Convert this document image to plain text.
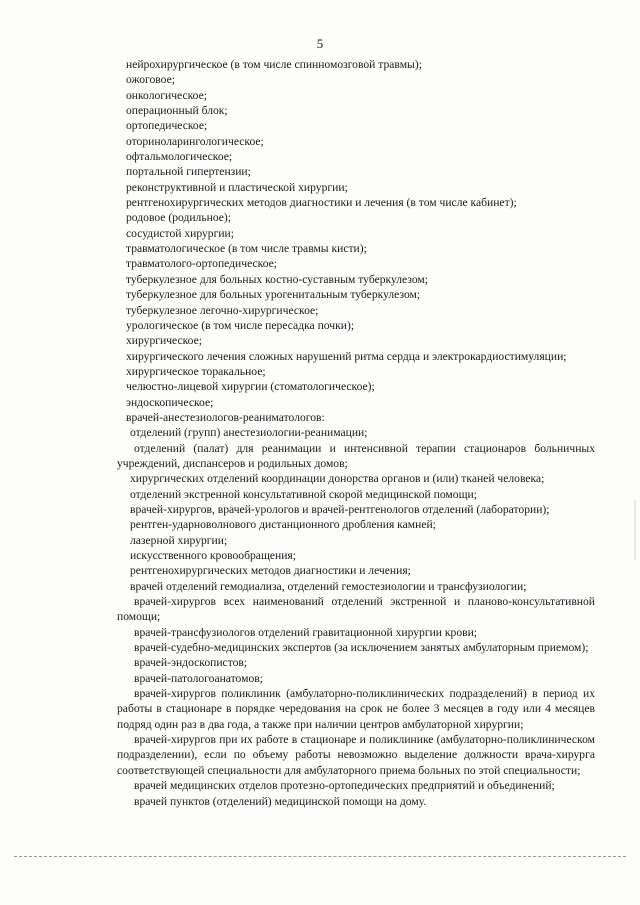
5
нейрохирургическое (в том числе спинномозговой травмы);
ожоговое;
онкологическое;
операционный блок;
ортопедическое;
оториноларингологическое;
офтальмологическое;
портальной гипертензии;
реконструктивной и пластической хирургии;
рентгенохирургических методов диагностики и лечения (в том числе кабинет);
родовое (родильное);
сосудистой хирургии;
травматологическое (в том числе травмы кисти);
травматолого-ортопедическое;
туберкулезное для больных костно-суставным туберкулезом;
туберкулезное для больных урогенитальным туберкулезом;
туберкулезное легочно-хирургическое;
урологическое (в том числе пересадка почки);
хирургическое;
хирургического лечения сложных нарушений ритма сердца и электрокардиостимуляции;
хирургическое торакальное;
челюстно-лицевой хирургии (стоматологическое);
эндоскопическое;
врачей-анестезиологов-реаниматологов:
отделений (групп) анестезиологии-реанимации;
отделений (палат) для реанимации и интенсивной терапии стационаров больничных учреждений, диспансеров и родильных домов;
хирургических отделений координации донорства органов и (или) тканей человека;
отделений экстренной консультативной скорой медицинской помощи;
врачей-хирургов, врачей-урологов и врачей-рентгенологов отделений (лаборатории);
рентген-ударноволнового дистанционного дробления камней;
лазерной хирургии;
искусственного кровообращения;
рентгенохирургических методов диагностики и лечения;
врачей отделений гемодиализа, отделений гемостезиологии и трансфузиологии;
врачей-хирургов всех наименований отделений экстренной и планово-консультативной помощи;
врачей-трансфузиологов отделений гравитационной хирургии крови;
врачей-судебно-медицинских экспертов (за исключением занятых амбулаторным приемом);
врачей-эндоскопистов;
врачей-патологоанатомов;
врачей-хирургов поликлиник (амбулаторно-поликлинических подразделений) в период их работы в стационаре в порядке чередования на срок не более 3 месяцев в году или 4 месяцев подряд один раз в два года, а также при наличии центров амбулаторной хирургии;
врачей-хирургов при их работе в стационаре и поликлинике (амбулаторно-поликлиническом подразделении), если по объему работы невозможно выделение должности врача-хирурга соответствующей специальности для амбулаторного приема больных по этой специальности;
врачей медицинских отделов протезно-ортопедических предприятий и объединений;
врачей пунктов (отделений) медицинской помощи на дому.
